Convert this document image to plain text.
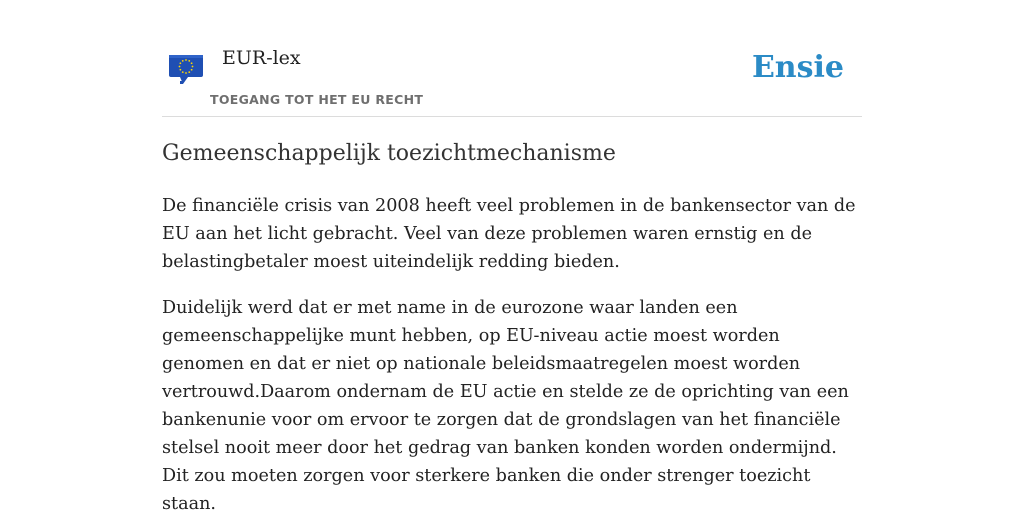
EUR-lex
TOEGANG TOT HET EU RECHT
Ensie
Gemeenschappelijk toezichtmechanisme

De financiële crisis van 2008 heeft veel problemen in de bankensector van de EU aan het licht gebracht. Veel van deze problemen waren ernstig en de belastingbetaler moest uiteindelijk redding bieden.

Duidelijk werd dat er met name in de eurozone waar landen een gemeenschappelijke munt hebben, op EU-niveau actie moest worden genomen en dat er niet op nationale beleidsmaatregelen moest worden vertrouwd.Daarom ondernam de EU actie en stelde ze de oprichting van een bankenunie voor om ervoor te zorgen dat de grondslagen van het financiële stelsel nooit meer door het gedrag van banken konden worden ondermijnd. Dit zou moeten zorgen voor sterkere banken die onder strenger toezicht staan.
